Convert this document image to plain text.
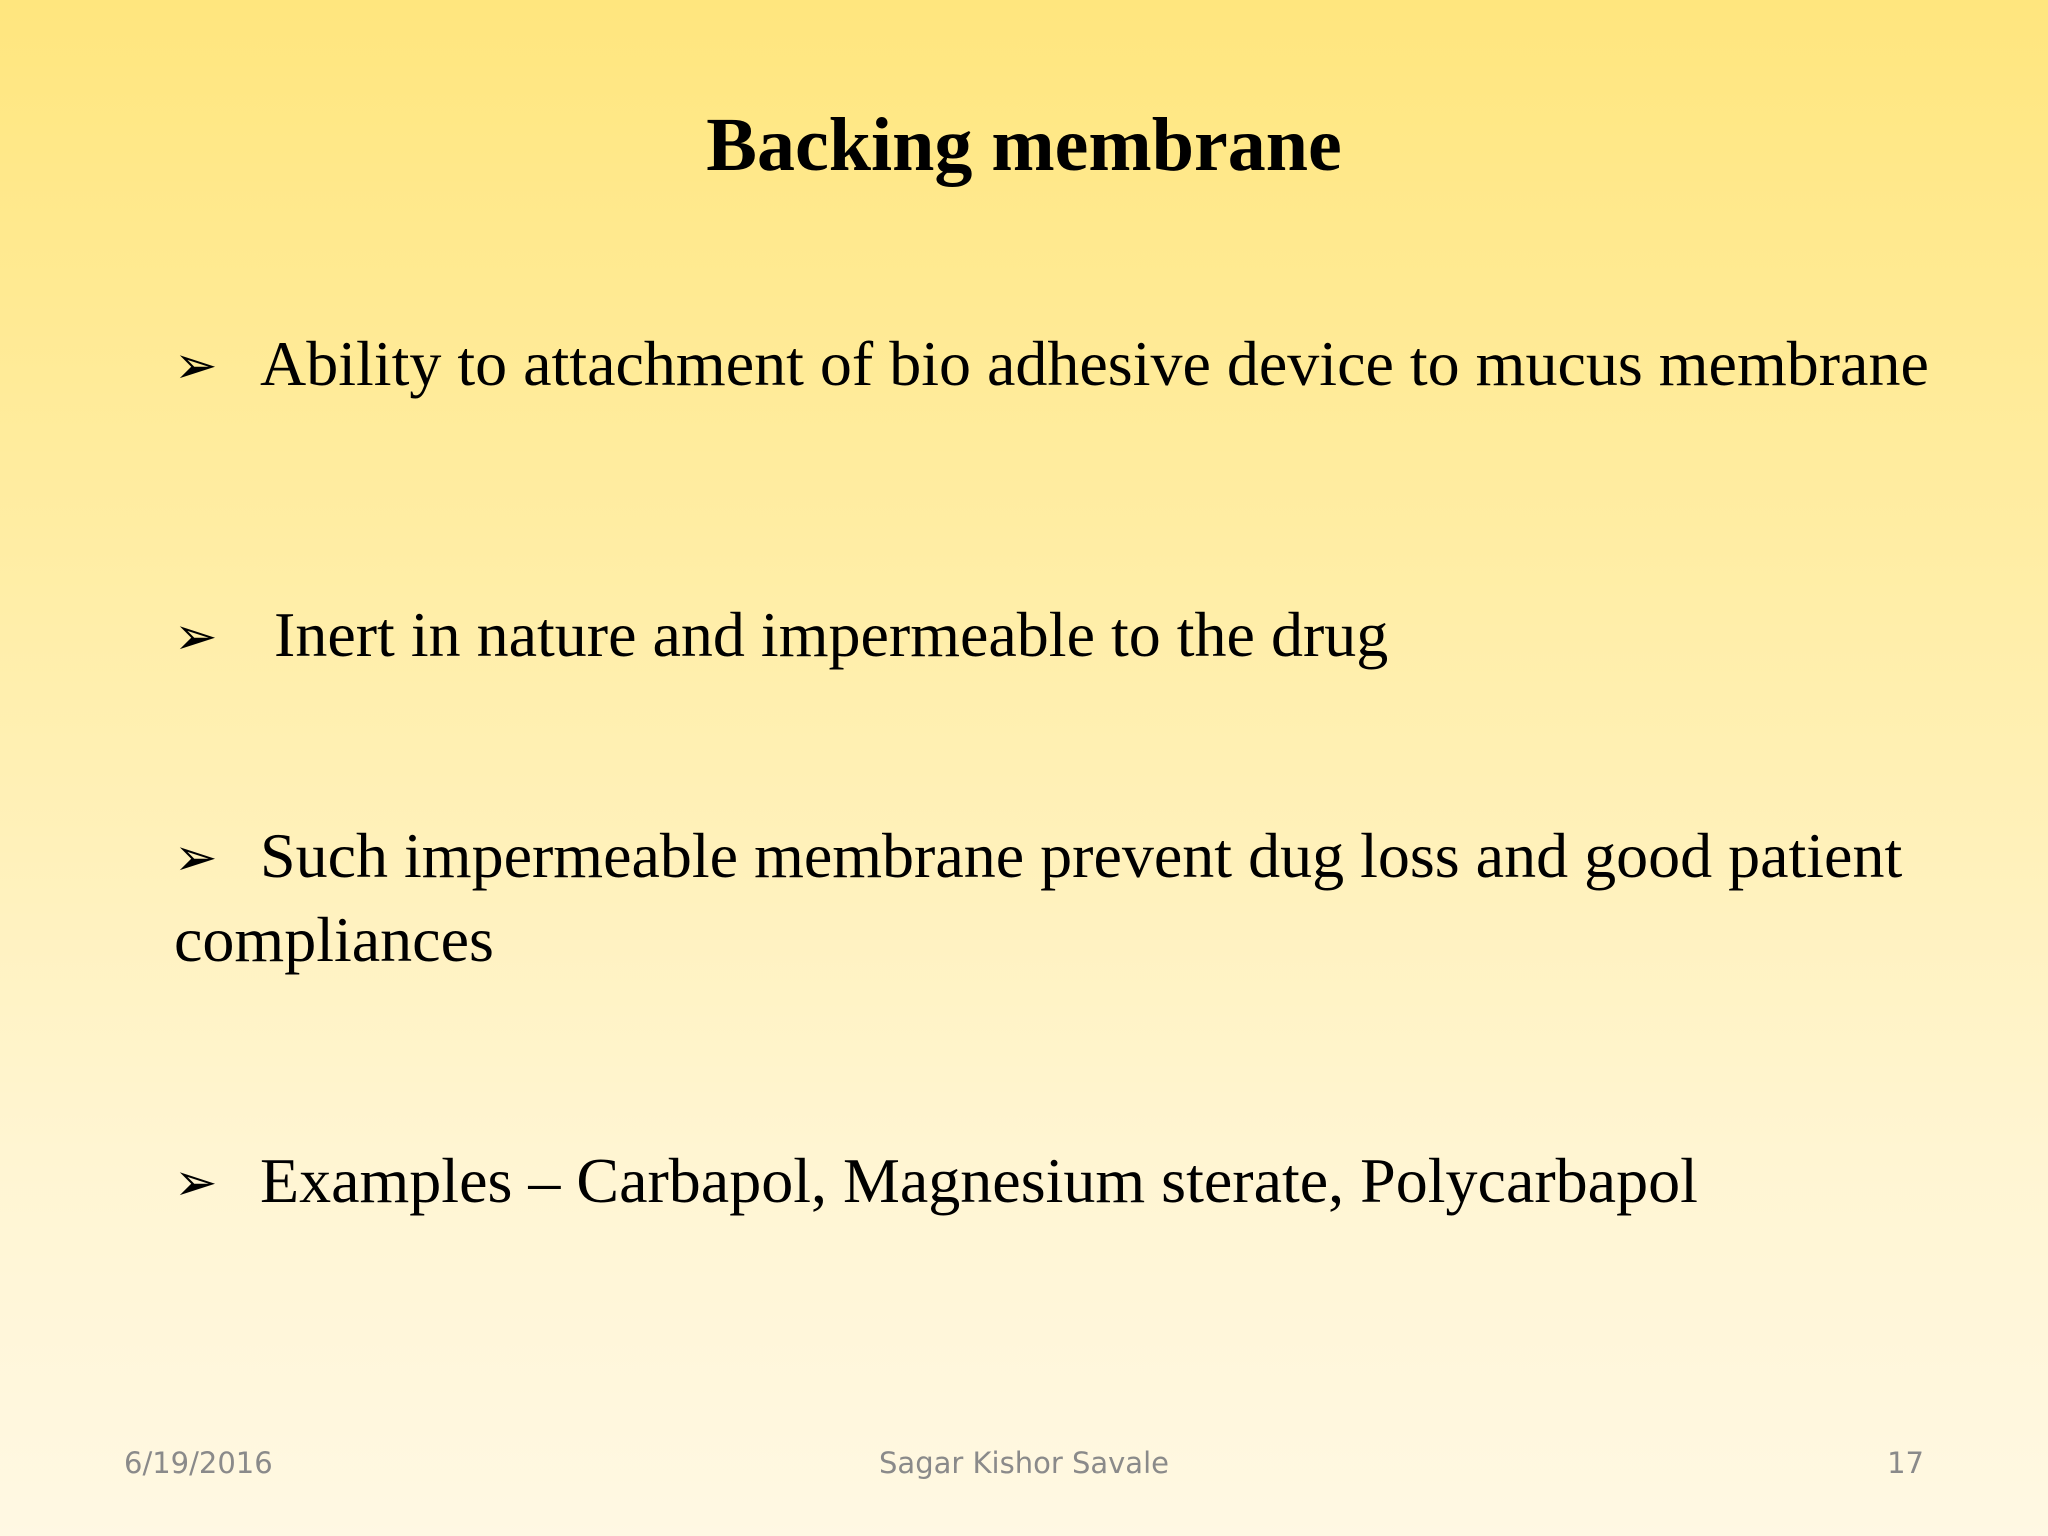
Backing membrane
➢ Ability to attachment of bio adhesive device to mucus membrane
➢ Inert in nature and impermeable to the drug
➢ Such impermeable membrane prevent dug loss and good patient compliances
➢ Examples – Carbapol, Magnesium sterate, Polycarbapol
6/19/2016	Sagar Kishor Savale	17
